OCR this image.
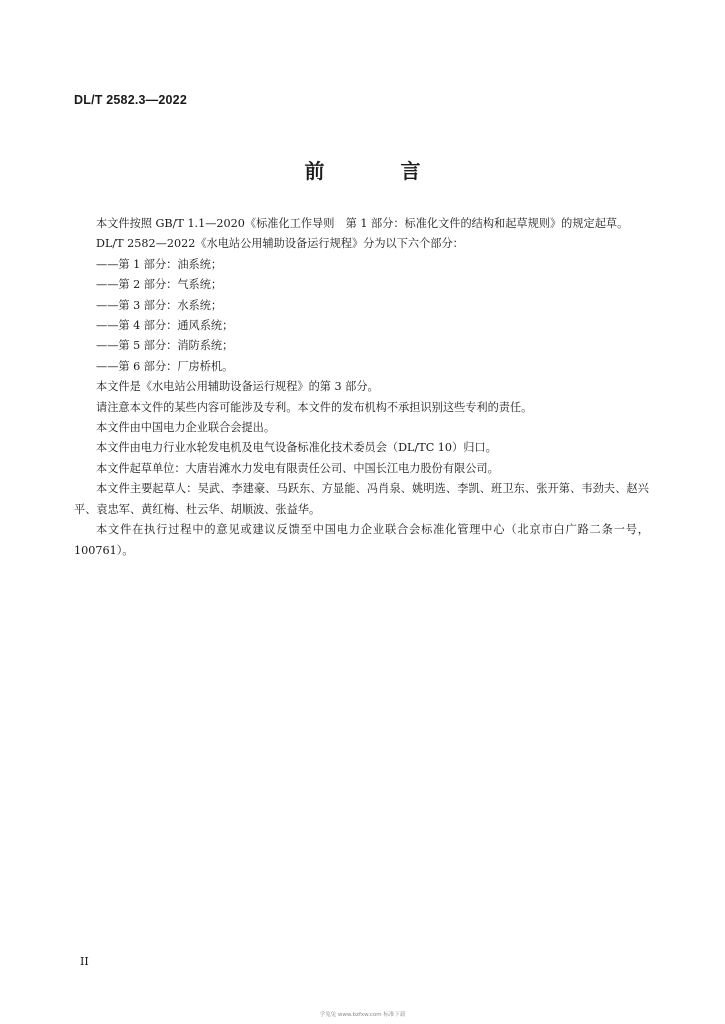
DL/T 2582.3—2022
前　言

本文件按照 GB/T 1.1—2020《标准化工作导则　第 1 部分：标准化文件的结构和起草规则》的规定起草。

DL/T 2582—2022《水电站公用辅助设备运行规程》分为以下六个部分：

——第 1 部分：油系统；
——第 2 部分：气系统；
——第 3 部分：水系统；
——第 4 部分：通风系统；
——第 5 部分：消防系统；
——第 6 部分：厂房桥机。

本文件是《水电站公用辅助设备运行规程》的第 3 部分。

请注意本文件的某些内容可能涉及专利。本文件的发布机构不承担识别这些专利的责任。

本文件由中国电力企业联合会提出。

本文件由电力行业水轮发电机及电气设备标准化技术委员会（DL/TC 10）归口。

本文件起草单位：大唐岩滩水力发电有限责任公司、中国长江电力股份有限公司。

本文件主要起草人：吴武、李建豪、马跃东、方显能、冯肖泉、姚明选、李凯、班卫东、张开第、韦劲夫、赵兴平、袁忠军、黄红梅、杜云华、胡顺波、张益华。

本文件在执行过程中的意见或建议反馈至中国电力企业联合会标准化管理中心（北京市白广路二条一号，100761）。

II
学兔兔 www.bzfxw.com 标准下载
